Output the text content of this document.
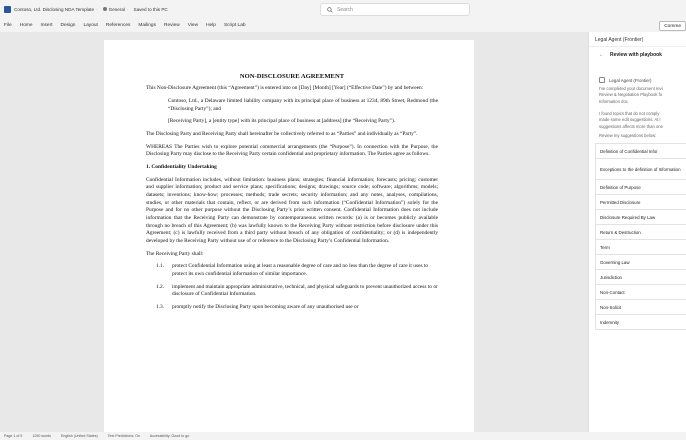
Contoso, Ltd. Disclosing NDA Template ·	General · Saved to this PC	Search
File Home Insert Design Layout References Mailings Review View Help Script Lab	Comme
NON-DISCLOSURE AGREEMENT

This Non-Disclosure Agreement (this “Agreement”) is entered into on [Day] [Month] [Year] (“Effective Date”) by and between:

Contoso, Ltd., a Delaware limited liability company with its principal place of business at 1234, 89th Street, Redmond (the “Disclosing Party”); and

[Receiving Party], a [entity type] with its principal place of business at [address] (the “Receiving Party”).

The Disclosing Party and Receiving Party shall hereinafter be collectively referred to as “Parties” and individually as “Party”.

WHEREAS The Parties wish to explore potential commercial arrangements (the “Purpose”). In connection with the Purpose, the Disclosing Party may disclose to the Receiving Party certain confidential and proprietary information. The Parties agree as follows.

1. Confidentiality Undertaking

Confidential Information includes, without limitation: business plans; strategies; financial information; forecasts; pricing; customer and supplier information; product and service plans; specifications; designs; drawings; source code; software; algorithms; models; datasets; inventions; know-how; processes; methods; trade secrets; security information; and any notes, analyses, compilations, studies, or other materials that contain, reflect, or are derived from such information (“Confidential Information”) solely for the Purpose and for no other purpose without the Disclosing Party’s prior written consent. Confidential Information does not include information that the Receiving Party can demonstrate by contemporaneous written records: (a) is or becomes publicly available through no breach of this Agreement; (b) was lawfully known to the Receiving Party without restriction before disclosure under this Agreement; (c) is lawfully received from a third party without breach of any obligation of confidentiality; or (d) is independently developed by the Receiving Party without use of or reference to the Disclosing Party’s Confidential Information.

The Receiving Party shall:

1.1.	protect Confidential Information using at least a reasonable degree of care and no less than the degree of care it uses to protect its own confidential information of similar importance.
1.2.	implement and maintain appropriate administrative, technical, and physical safeguards to prevent unauthorized access to or disclosure of Confidential Information.
1.3.	promptly notify the Disclosing Party upon becoming aware of any unauthorised use or
Legal Agent (Frontier)
← Review with playbook
Legal Agent (Frontier)
I've completed your document revi
Review & Negotiation Playbook fo
Information doc.
I found topics that do not comply
made some edit suggestions. At l
suggestions affects more than one
Review my suggestions below:
Definition of Confidential Infor
Exceptions to the definition of Information
Definition of Purpose
Permitted Disclosure
Disclosure Required By Law
Return & Destruction
Term
Governing Law
Jurisdiction
Non-Contact
Non-Solicit
Indemnity
Page 1 of 5	1250 words	English (United States)	Text Predictions: On	Accessibility: Good to go
